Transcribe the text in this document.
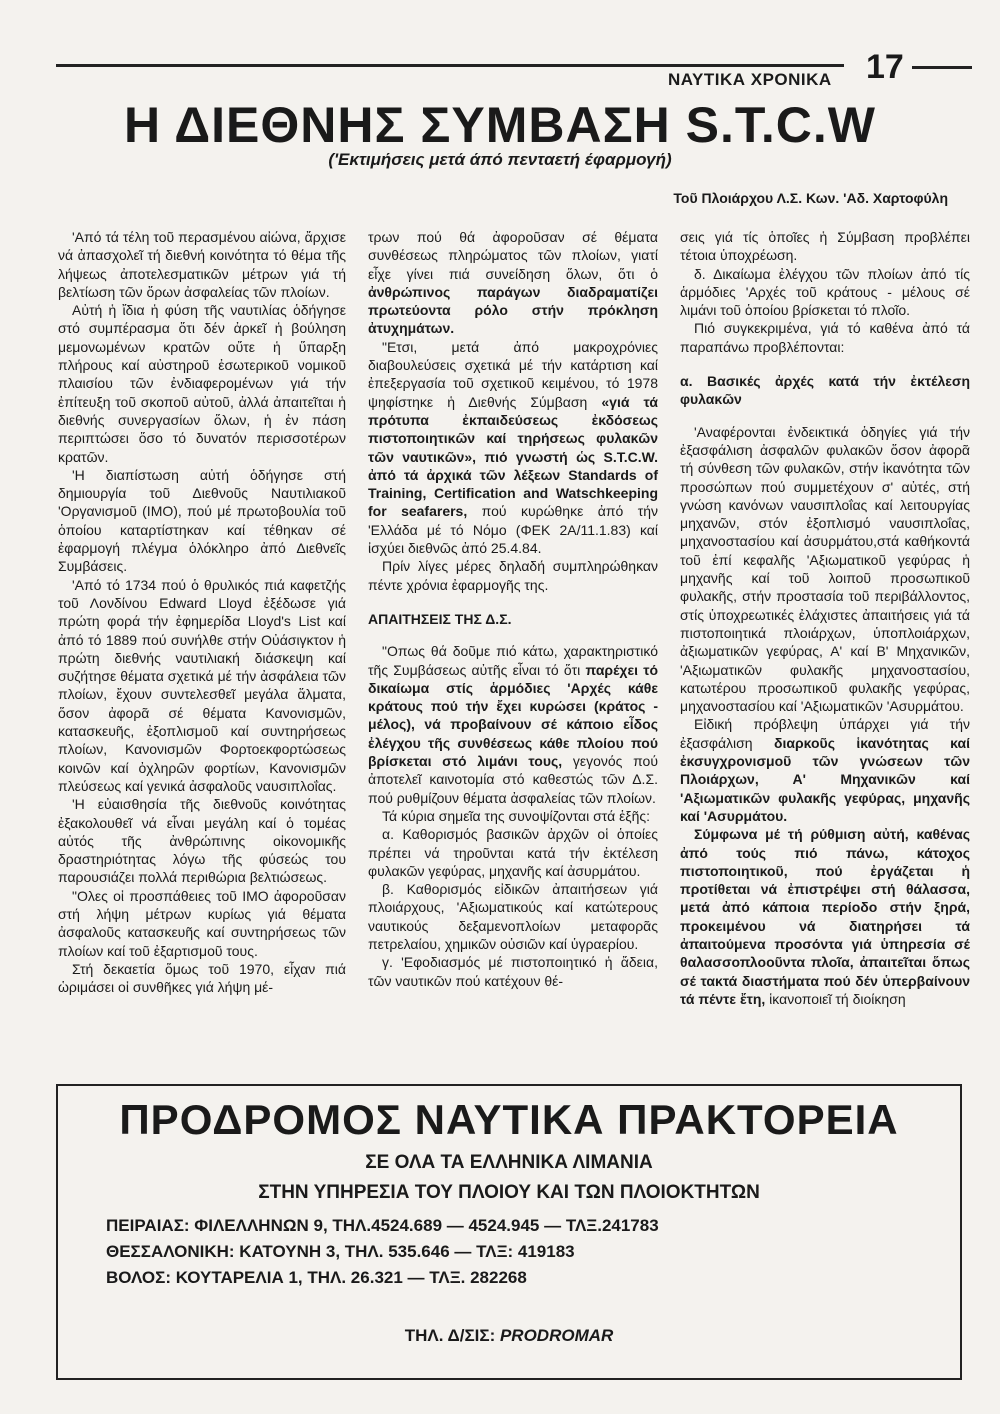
ΝΑΥΤΙΚΑ ΧΡΟΝΙΚΑ 17
Η ΔΙΕΘΝΗΣ ΣΥΜΒΑΣΗ S.T.C.W
('Εκτιμήσεις μετά άπό πενταετή έφαρμογή)
Τοῦ Πλοιάρχου Λ.Σ. Κων. 'Αδ. Χαρτοφύλη

'Από τά τέλη τοῦ περασμένου αἰώνα, ἄρχισε νά ἀπασχολεῖ τή διεθνή κοινότητα τό θέμα τῆς λήψεως ἀποτελεσματικῶν μέτρων γιά τή βελτίωση τῶν ὅρων ἀσφαλείας τῶν πλοίων.

Αὐτή ἡ ἴδια ἡ φύση τῆς ναυτιλίας ὁδήγησε στό συμπέρασμα ὅτι δέν ἀρκεῖ ἡ βούληση μεμονωμένων κρατῶν οὔτε ἡ ὕπαρξη πλήρους καί αὐστηροῦ ἐσωτερικοῦ νομικοῦ πλαισίου τῶν ἐνδιαφερομένων γιά τήν ἐπίτευξη τοῦ σκοποῦ αὐτοῦ, ἀλλά ἀπαιτεῖται ἡ διεθνής συνεργασίων ὅλων, ἡ ἐν πάση περιπτώσει ὅσο τό δυνατόν περισσοτέρων κρατῶν.

'Η διαπίστωση αὐτή ὁδήγησε στή δημιουργία τοῦ Διεθνοῦς Ναυτιλιακοῦ 'Οργανισμοῦ (ΙΜΟ), πού μέ πρωτοβουλία τοῦ ὁποίου καταρτίστηκαν καί τέθηκαν σέ ἐφαρμογή πλέγμα ὁλόκληρο ἀπό Διεθνεῖς Συμβάσεις.

'Από τό 1734 πού ὁ θρυλικός πιά καφετζής τοῦ Λονδίνου Edward Lloyd ἐξέδωσε γιά πρώτη φορά τήν ἐφημερίδα Lloyd's List καί ἀπό τό 1889 πού συνήλθε στήν Οὐάσιγκτον ἡ πρώτη διεθνής ναυτιλιακή διάσκεψη καί συζήτησε θέματα σχετικά μέ τήν ἀσφάλεια τῶν πλοίων, ἔχουν συντελεσθεῖ μεγάλα ἅλματα, ὅσον ἀφορᾶ σέ θέματα Κανονισμῶν, κατασκευῆς, ἐξοπλισμοῦ καί συντηρήσεως πλοίων, Κανονισμῶν Φορτοεκφορτώσεως κοινῶν καί ὀχληρῶν φορτίων, Κανονισμῶν πλεύσεως καί γενικά ἀσφαλοῦς ναυσιπλοΐας.

'Η εὐαισθησία τῆς διεθνοῦς κοινότητας ἐξακολουθεῖ νά εἶναι μεγάλη καί ὁ τομέας αὐτός τῆς ἀνθρώπινης οἰκονομικῆς δραστηριότητας λόγω τῆς φύσεώς του παρουσιάζει πολλά περιθώρια βελτιώσεως.

"Ολες οἱ προσπάθειες τοῦ ΙΜΟ ἀφοροῦσαν στή λήψη μέτρων κυρίως γιά θέματα ἀσφαλοῦς κατασκευῆς καί συντηρήσεως τῶν πλοίων καί τοῦ ἐξαρτισμοῦ τους.

Στή δεκαετία ὅμως τοῦ 1970, εἶχαν πιά ὡριμάσει οἱ συνθῆκες γιά λήψη μέ-

τρων πού θά ἀφοροῦσαν σέ θέματα συνθέσεως πληρώματος τῶν πλοίων, γιατί εἶχε γίνει πιά συνείδηση ὅλων, ὅτι ὁ ἀνθρώπινος παράγων διαδραματίζει πρωτεύοντα ρόλο στήν πρόκληση ἀτυχημάτων.

"Ετσι, μετά ἀπό μακροχρόνιες διαβουλεύσεις σχετικά μέ τήν κατάρτιση καί ἐπεξεργασία τοῦ σχετικοῦ κειμένου, τό 1978 ψηφίστηκε ἡ Διεθνής Σύμβαση «γιά τά πρότυπα ἐκπαιδεύσεως ἐκδόσεως πιστοποιητικῶν καί τηρήσεως φυλακῶν τῶν ναυτικῶν», πιό γνωστή ὡς S.T.C.W. ἀπό τά ἀρχικά τῶν λέξεων Standards of Training, Certification and Watschkeeping for seafarers, πού κυρώθηκε ἀπό τήν 'Ελλάδα μέ τό Νόμο (ΦΕΚ 2Α/11.1.83) καί ἰσχύει διεθνῶς ἀπό 25.4.84.

Πρίν λίγες μέρες δηλαδή συμπληρώθηκαν πέντε χρόνια ἐφαρμογῆς της.

ΑΠΑΙΤΗΣΕΙΣ ΤΗΣ Δ.Σ.

"Οπως θά δοῦμε πιό κάτω, χαρακτηριστικό τῆς Συμβάσεως αὐτῆς εἶναι τό ὅτι παρέχει τό δικαίωμα στίς ἁρμόδιες 'Αρχές κάθε κράτους πού τήν ἔχει κυρώσει (κράτος - μέλος), νά προβαίνουν σέ κάποιο εἶδος ἐλέγχου τῆς συνθέσεως κάθε πλοίου πού βρίσκεται στό λιμάνι τους, γεγονός πού ἀποτελεῖ καινοτομία στό καθεστώς τῶν Δ.Σ. πού ρυθμίζουν θέματα ἀσφαλείας τῶν πλοίων.

Τά κύρια σημεῖα της συνοψίζονται στά ἑξῆς:

α. Καθορισμός βασικῶν ἀρχῶν οἱ ὁποίες πρέπει νά τηροῦνται κατά τήν ἐκτέλεση φυλακῶν γεφύρας, μηχανῆς καί ἀσυρμάτου.

β. Καθορισμός εἰδικῶν ἀπαιτήσεων γιά πλοιάρχους, 'Αξιωματικούς καί κατώτερους ναυτικούς δεξαμενοπλοίων μεταφορᾶς πετρελαίου, χημικῶν οὐσιῶν καί ὑγραερίου.

γ. 'Εφοδιασμός μέ πιστοποιητικό ἡ ἄδεια, τῶν ναυτικῶν πού κατέχουν θέ-

σεις γιά τίς ὁποῖες ἡ Σύμβαση προβλέπει τέτοια ὑποχρέωση.

δ. Δικαίωμα ἐλέγχου τῶν πλοίων ἀπό τίς ἁρμόδιες 'Αρχές τοῦ κράτους - μέλους σέ λιμάνι τοῦ ὁποίου βρίσκεται τό πλοῖο.

Πιό συγκεκριμένα, γιά τό καθένα ἀπό τά παραπάνω προβλέπονται:

α. Βασικές ἀρχές κατά τήν ἐκτέλεση φυλακῶν

'Αναφέρονται ἐνδεικτικά ὁδηγίες γιά τήν ἐξασφάλιση ἀσφαλῶν φυλακῶν ὅσον ἀφορᾶ τή σύνθεση τῶν φυλακῶν, στήν ἱκανότητα τῶν προσώπων πού συμμετέχουν σ' αὐτές, στή γνώση κανόνων ναυσιπλοΐας καί λειτουργίας μηχανῶν, στόν ἐξοπλισμό ναυσιπλοΐας, μηχανοστασίου καί ἀσυρμάτου,στά καθήκοντά τοῦ ἐπί κεφαλῆς 'Αξιωματικοῦ γεφύρας ἡ μηχανῆς καί τοῦ λοιποῦ προσωπικοῦ φυλακῆς, στήν προστασία τοῦ περιβάλλοντος, στίς ὑποχρεωτικές ἐλάχιστες ἀπαιτήσεις γιά τά πιστοποιητικά πλοιάρχων, ὑποπλοιάρχων, ἀξιωματικῶν γεφύρας, Α' καί Β' Μηχανικῶν, 'Αξιωματικῶν φυλακῆς μηχανοστασίου, κατωτέρου προσωπικοῦ φυλακῆς γεφύρας, μηχανοστασίου καί 'Αξιωματικῶν 'Ασυρμάτου.

Εἰδική πρόβλεψη ὑπάρχει γιά τήν ἐξασφάλιση διαρκοῦς ἱκανότητας καί ἐκσυγχρονισμοῦ τῶν γνώσεων τῶν Πλοιάρχων, Α' Μηχανικῶν καί 'Αξιωματικῶν φυλακῆς γεφύρας, μηχανῆς καί 'Ασυρμάτου.

Σύμφωνα μέ τή ρύθμιση αὐτή, καθένας ἀπό τούς πιό πάνω, κάτοχος πιστοποιητικοῦ, πού ἐργάζεται ἡ προτίθεται νά ἐπιστρέψει στή θάλασσα, μετά ἀπό κάποια περίοδο στήν ξηρά, προκειμένου νά διατηρήσει τά ἀπαιτούμενα προσόντα γιά ὑπηρεσία σέ θαλασσοπλοοῦντα πλοῖα, ἀπαιτεῖται ὅπως σέ τακτά διαστήματα πού δέν ὑπερβαίνουν τά πέντε ἔτη, ἱκανοποιεῖ τή διοίκηση

ΠΡΟΔΡΟΜΟΣ ΝΑΥΤΙΚΑ ΠΡΑΚΤΟΡΕΙΑ
ΣΕ ΟΛΑ ΤΑ ΕΛΛΗΝΙΚΑ ΛΙΜΑΝΙΑ
ΣΤΗΝ ΥΠΗΡΕΣΙΑ ΤΟΥ ΠΛΟΙΟΥ ΚΑΙ ΤΩΝ ΠΛΟΙΟΚΤΗΤΩΝ
ΠΕΙΡΑΙΑΣ: ΦΙΛΕΛΛΗΝΩΝ 9, ΤΗΛ.4524.689 — 4524.945 — ΤΛΞ.241783
ΘΕΣΣΑΛΟΝΙΚΗ: ΚΑΤΟΥΝΗ 3, ΤΗΛ. 535.646 — ΤΛΞ: 419183
ΒΟΛΟΣ: ΚΟΥΤΑΡΕΛΙΑ 1, ΤΗΛ. 26.321 — ΤΛΞ. 282268
ΤΗΛ. Δ/ΣΙΣ: PRODROMAR
